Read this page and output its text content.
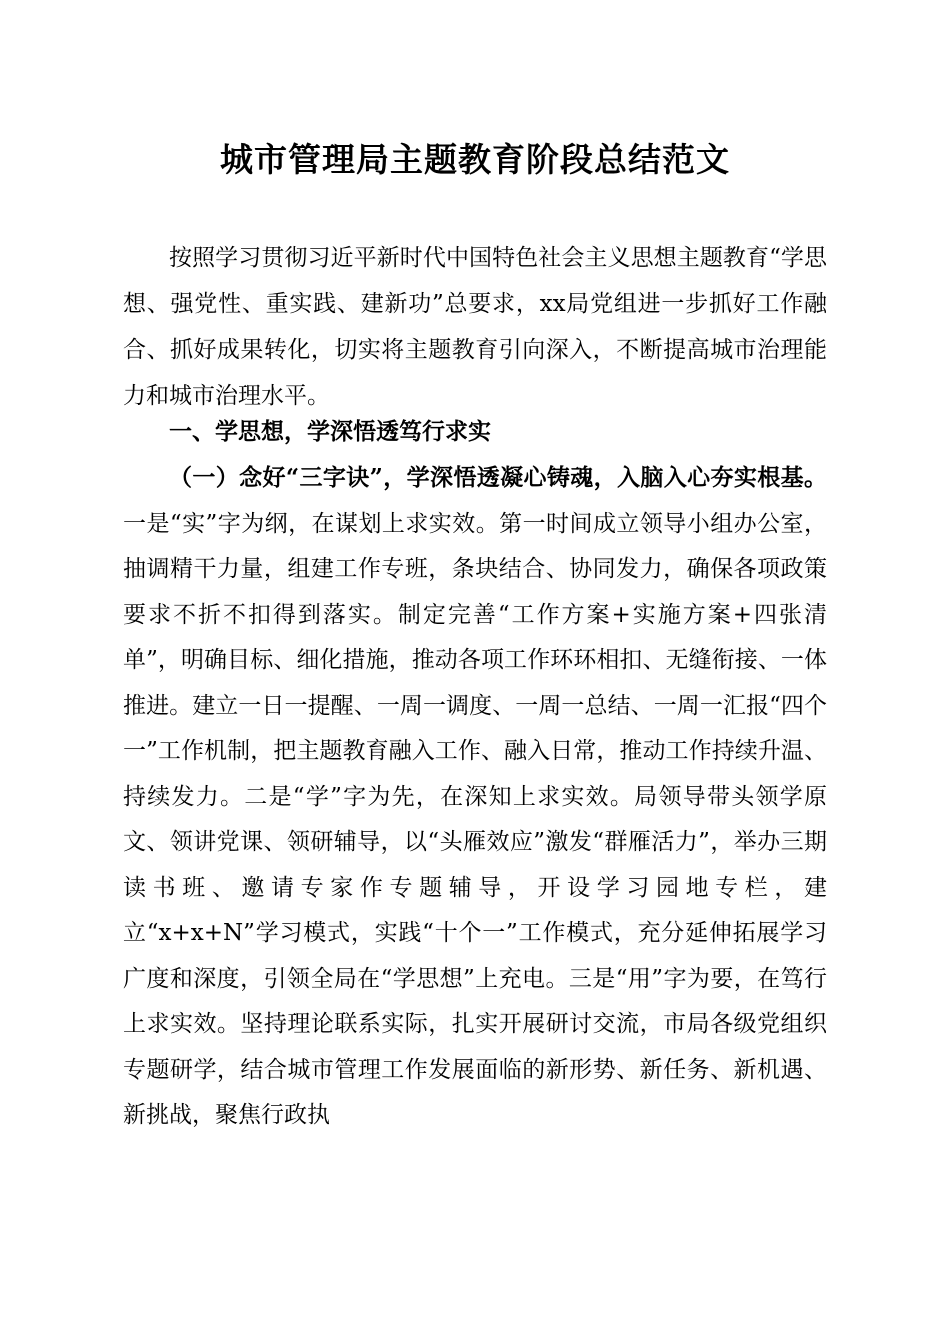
城市管理局主题教育阶段总结范文
按照学习贯彻习近平新时代中国特色社会主义思想主题教育“学思想、强党性、重实践、建新功”总要求，xx局党组进一步抓好工作融合、抓好成果转化，切实将主题教育引向深入，不断提高城市治理能力和城市治理水平。
一、学思想，学深悟透笃行求实
（一）念好“三字诀”，学深悟透凝心铸魂，入脑入心夯实根基。一是“实”字为纲，在谋划上求实效。第一时间成立领导小组办公室，抽调精干力量，组建工作专班，条块结合、协同发力，确保各项政策要求不折不扣得到落实。制定完善“工作方案+实施方案+四张清单”，明确目标、细化措施，推动各项工作环环相扣、无缝衔接、一体推进。建立一日一提醒、一周一调度、一周一总结、一周一汇报“四个一”工作机制，把主题教育融入工作、融入日常，推动工作持续升温、持续发力。二是“学”字为先，在深知上求实效。局领导带头领学原文、领讲党课、领研辅导，以“头雁效应”激发“群雁活力”，举办三期读书班、邀请专家作专题辅导，开设学习园地专栏，建立“x+x+N”学习模式，实践“十个一”工作模式，充分延伸拓展学习广度和深度，引领全局在“学思想”上充电。三是“用”字为要，在笃行上求实效。坚持理论联系实际，扎实开展研讨交流，市局各级党组织专题研学，结合城市管理工作发展面临的新形势、新任务、新机遇、新挑战，聚焦行政执
